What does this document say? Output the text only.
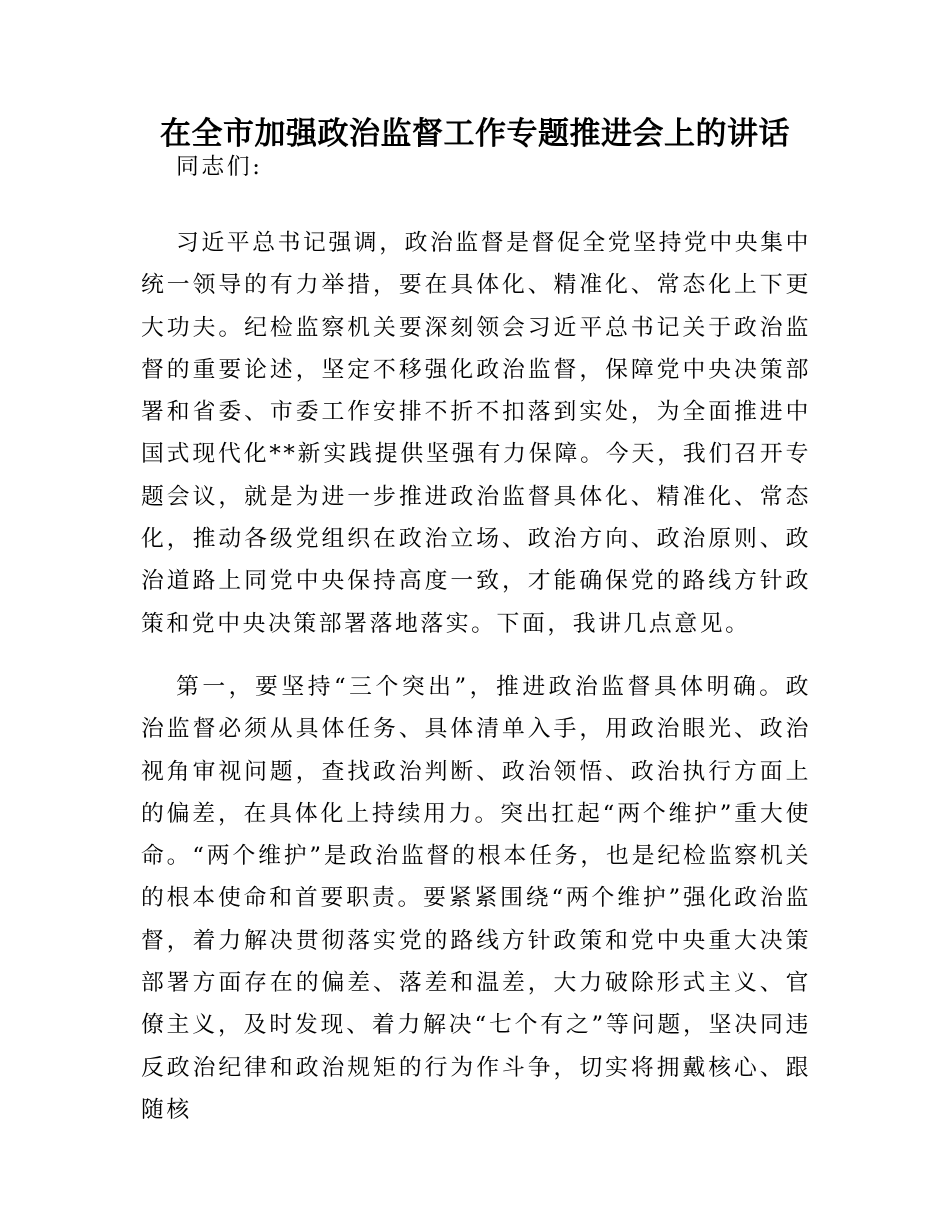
在全市加强政治监督工作专题推进会上的讲话

同志们:

习近平总书记强调，政治监督是督促全党坚持党中央集中统一领导的有力举措，要在具体化、精准化、常态化上下更大功夫。纪检监察机关要深刻领会习近平总书记关于政治监督的重要论述，坚定不移强化政治监督，保障党中央决策部署和省委、市委工作安排不折不扣落到实处，为全面推进中国式现代化**新实践提供坚强有力保障。今天，我们召开专题会议，就是为进一步推进政治监督具体化、精准化、常态化，推动各级党组织在政治立场、政治方向、政治原则、政治道路上同党中央保持高度一致，才能确保党的路线方针政策和党中央决策部署落地落实。下面，我讲几点意见。

第一，要坚持“三个突出”，推进政治监督具体明确。政治监督必须从具体任务、具体清单入手，用政治眼光、政治视角审视问题，查找政治判断、政治领悟、政治执行方面上的偏差，在具体化上持续用力。突出扛起“两个维护”重大使命。“两个维护”是政治监督的根本任务，也是纪检监察机关的根本使命和首要职责。要紧紧围绕“两个维护”强化政治监督，着力解决贯彻落实党的路线方针政策和党中央重大决策部署方面存在的偏差、落差和温差，大力破除形式主义、官僚主义，及时发现、着力解决“七个有之”等问题，坚决同违反政治纪律和政治规矩的行为作斗争，切实将拥戴核心、跟随核
